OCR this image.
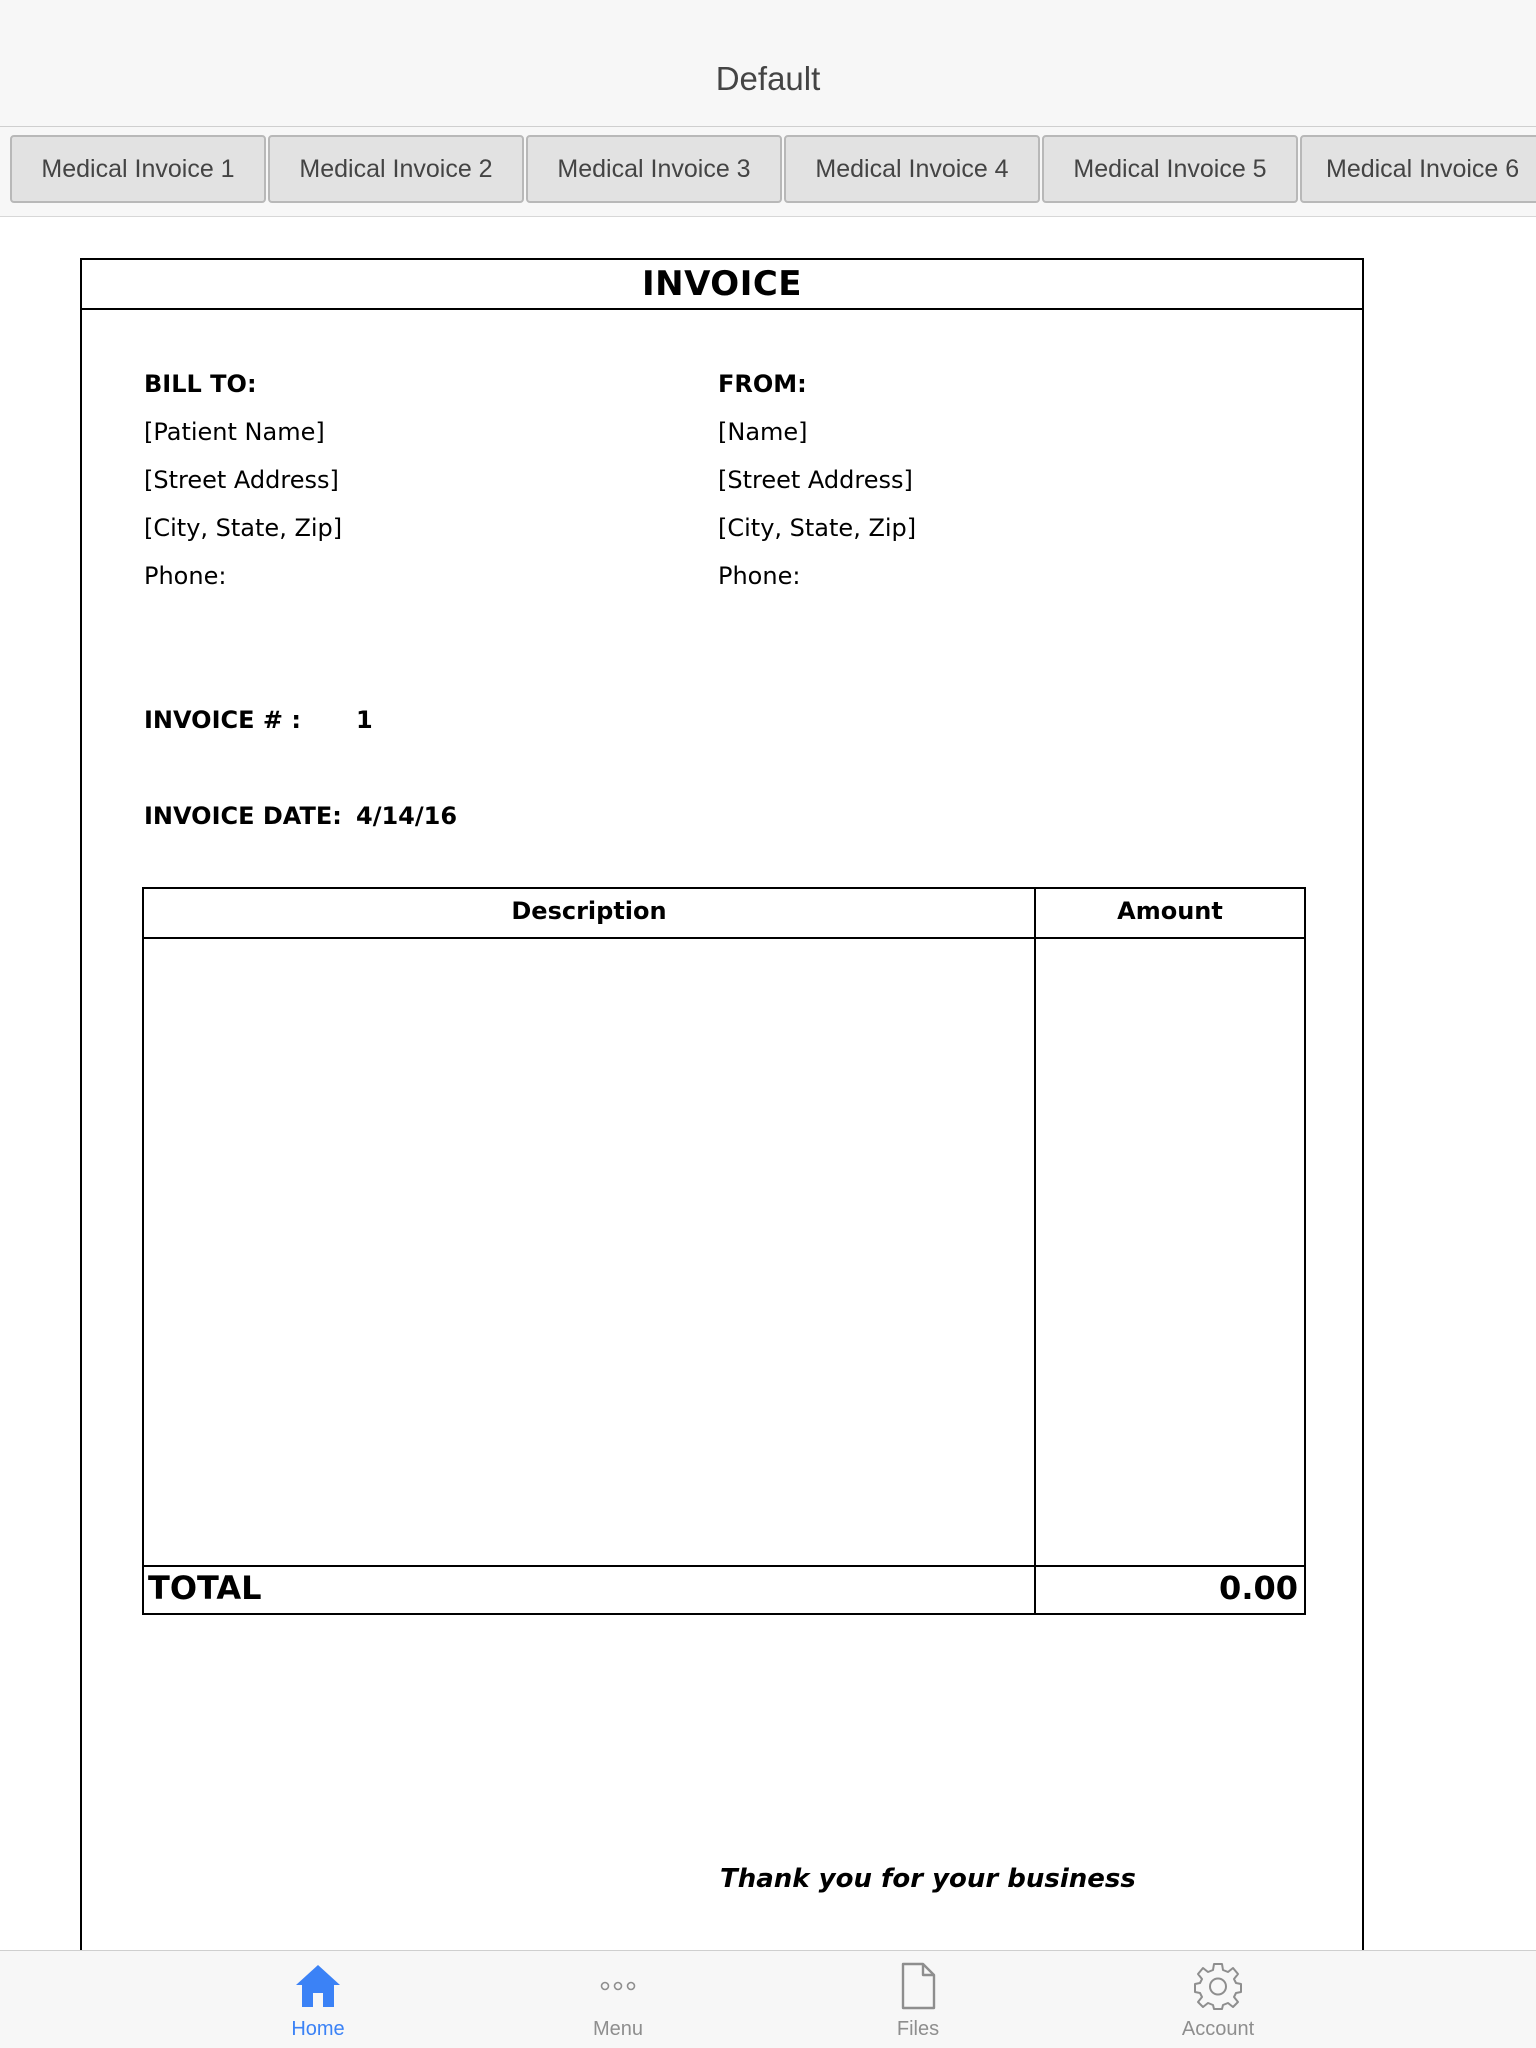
Default
Medical Invoice 1	Medical Invoice 2	Medical Invoice 3	Medical Invoice 4	Medical Invoice 5	Medical Invoice 6
INVOICE
BILL TO:
[Patient Name]
[Street Address]
[City, State, Zip]
Phone:
FROM:
[Name]
[Street Address]
[City, State, Zip]
Phone:
INVOICE # : 1
INVOICE DATE: 4/14/16
Description	Amount
TOTAL	0.00
Thank you for your business
Home	Menu	Files	Account
